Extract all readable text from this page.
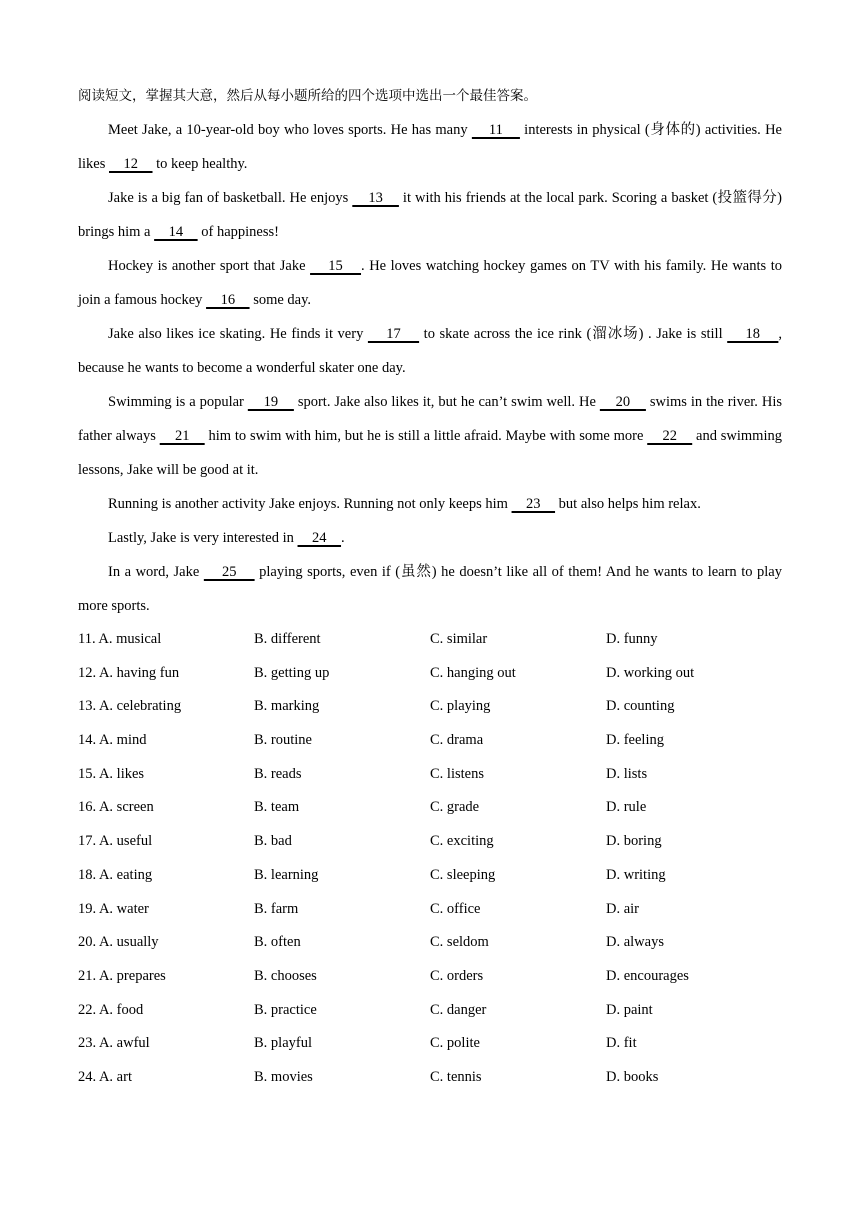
阅读短文，掌握其大意，然后从每小题所给的四个选项中选出一个最佳答案。

Meet Jake, a 10-year-old boy who loves sports. He has many     11     interests in physical (身体的) activities. He likes     12     to keep healthy.

Jake is a big fan of basketball. He enjoys     13     it with his friends at the local park. Scoring a basket (投篮得分) brings him a     14     of happiness!

Hockey is another sport that Jake     15    . He loves watching hockey games on TV with his family. He wants to join a famous hockey     16     some day.

Jake also likes ice skating. He finds it very     17     to skate across the ice rink (溜冰场) . Jake is still     18    , because he wants to become a wonderful skater one day.

Swimming is a popular     19     sport. Jake also likes it, but he can’t swim well. He     20     swims in the river. His father always     21     him to swim with him, but he is still a little afraid. Maybe with some more     22     and swimming lessons, Jake will be good at it.

Running is another activity Jake enjoys. Running not only keeps him     23     but also helps him relax.

Lastly, Jake is very interested in     24    .

In a word, Jake     25     playing sports, even if (虽然) he doesn’t like all of them! And he wants to learn to play more sports.

11. A. musical	B. different	C. similar	D. funny
12. A. having fun	B. getting up	C. hanging out	D. working out
13. A. celebrating	B. marking	C. playing	D. counting
14. A. mind	B. routine	C. drama	D. feeling
15. A. likes	B. reads	C. listens	D. lists
16. A. screen	B. team	C. grade	D. rule
17. A. useful	B. bad	C. exciting	D. boring
18. A. eating	B. learning	C. sleeping	D. writing
19. A. water	B. farm	C. office	D. air
20. A. usually	B. often	C. seldom	D. always
21. A. prepares	B. chooses	C. orders	D. encourages
22. A. food	B. practice	C. danger	D. paint
23. A. awful	B. playful	C. polite	D. fit
24. A. art	B. movies	C. tennis	D. books
